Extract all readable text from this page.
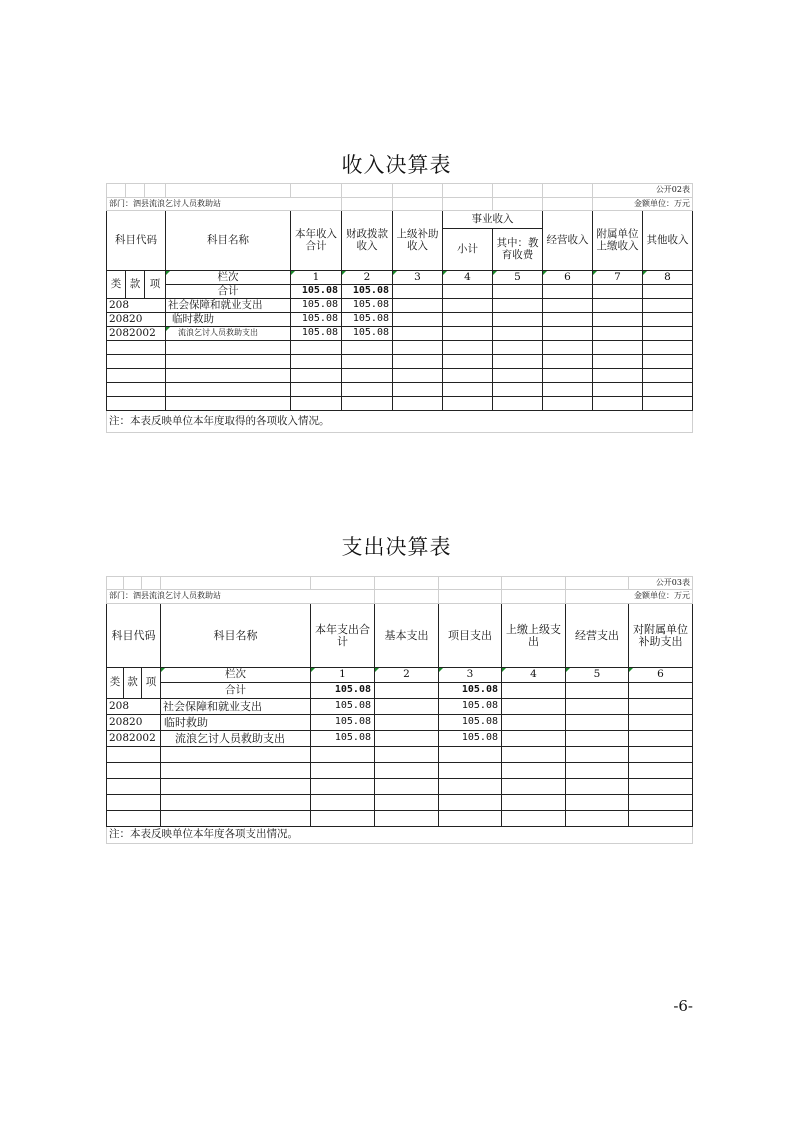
收入决算表
										公开02表	
部门：泗县流浪乞讨人员救助站										金额单位：万元	
科目代码			科目名称	本年收入合计	财政拨款收入	上级补助收入	事业收入		经营收入	附属单位上缴收入	其他收入
							小计	其中：教育收费			
类	款	项	栏次	1	2	3	4	5	6	7	8
			合计	105.08	105.08						
208			社会保障和就业支出	105.08	105.08						
20820			临时救助	105.08	105.08						
2082002			流浪乞讨人员救助支出	105.08	105.08						

注：本表反映单位本年度取得的各项收入情况。											
支出决算表
									公开03表
部门：泗县流浪乞讨人员救助站								金额单位：万元	
科目代码			科目名称	本年支出合计	基本支出	项目支出	上缴上级支出	经营支出	对附属单位补助支出
类	款	项	栏次	1	2	3	4	5	6
			合计	105.08		105.08			
208			社会保障和就业支出	105.08		105.08			
20820			临时救助	105.08		105.08			
2082002			流浪乞讨人员救助支出	105.08		105.08			

注：本表反映单位本年度各项支出情况。									
-6-
